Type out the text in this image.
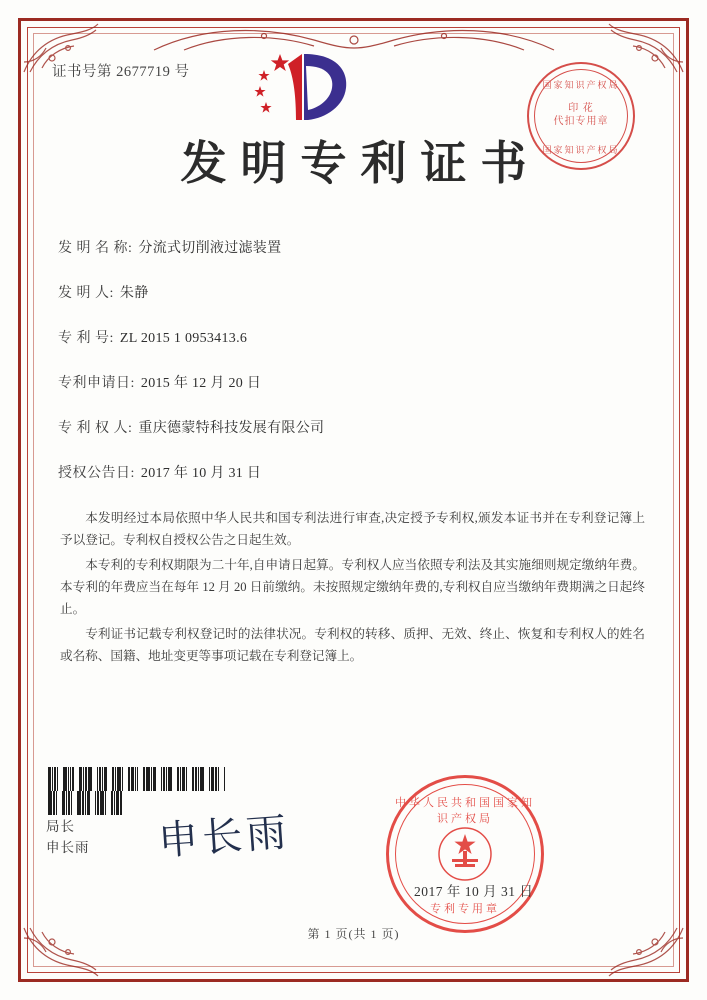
国家知识产权局
印 花
代扣专用章
国家知识产权局
证书号第 2677719 号
发明专利证书
发 明 名 称: 分流式切削液过滤装置
发 明 人: 朱静
专 利 号: ZL 2015 1 0953413.6
专利申请日: 2015 年 12 月 20 日
专 利 权 人: 重庆德蒙特科技发展有限公司
授权公告日: 2017 年 10 月 31 日

本发明经过本局依照中华人民共和国专利法进行审查,决定授予专利权,颁发本证书并在专利登记簿上予以登记。专利权自授权公告之日起生效。

本专利的专利权期限为二十年,自申请日起算。专利权人应当依照专利法及其实施细则规定缴纳年费。本专利的年费应当在每年 12 月 20 日前缴纳。未按照规定缴纳年费的,专利权自应当缴纳年费期满之日起终止。

专利证书记载专利权登记时的法律状况。专利权的转移、质押、无效、终止、恢复和专利权人的姓名或名称、国籍、地址变更等事项记载在专利登记簿上。

局长
申长雨 申长雨
中华人民共和国国家知识产权局
专利专用章
2017 年 10 月 31 日
第 1 页(共 1 页)
